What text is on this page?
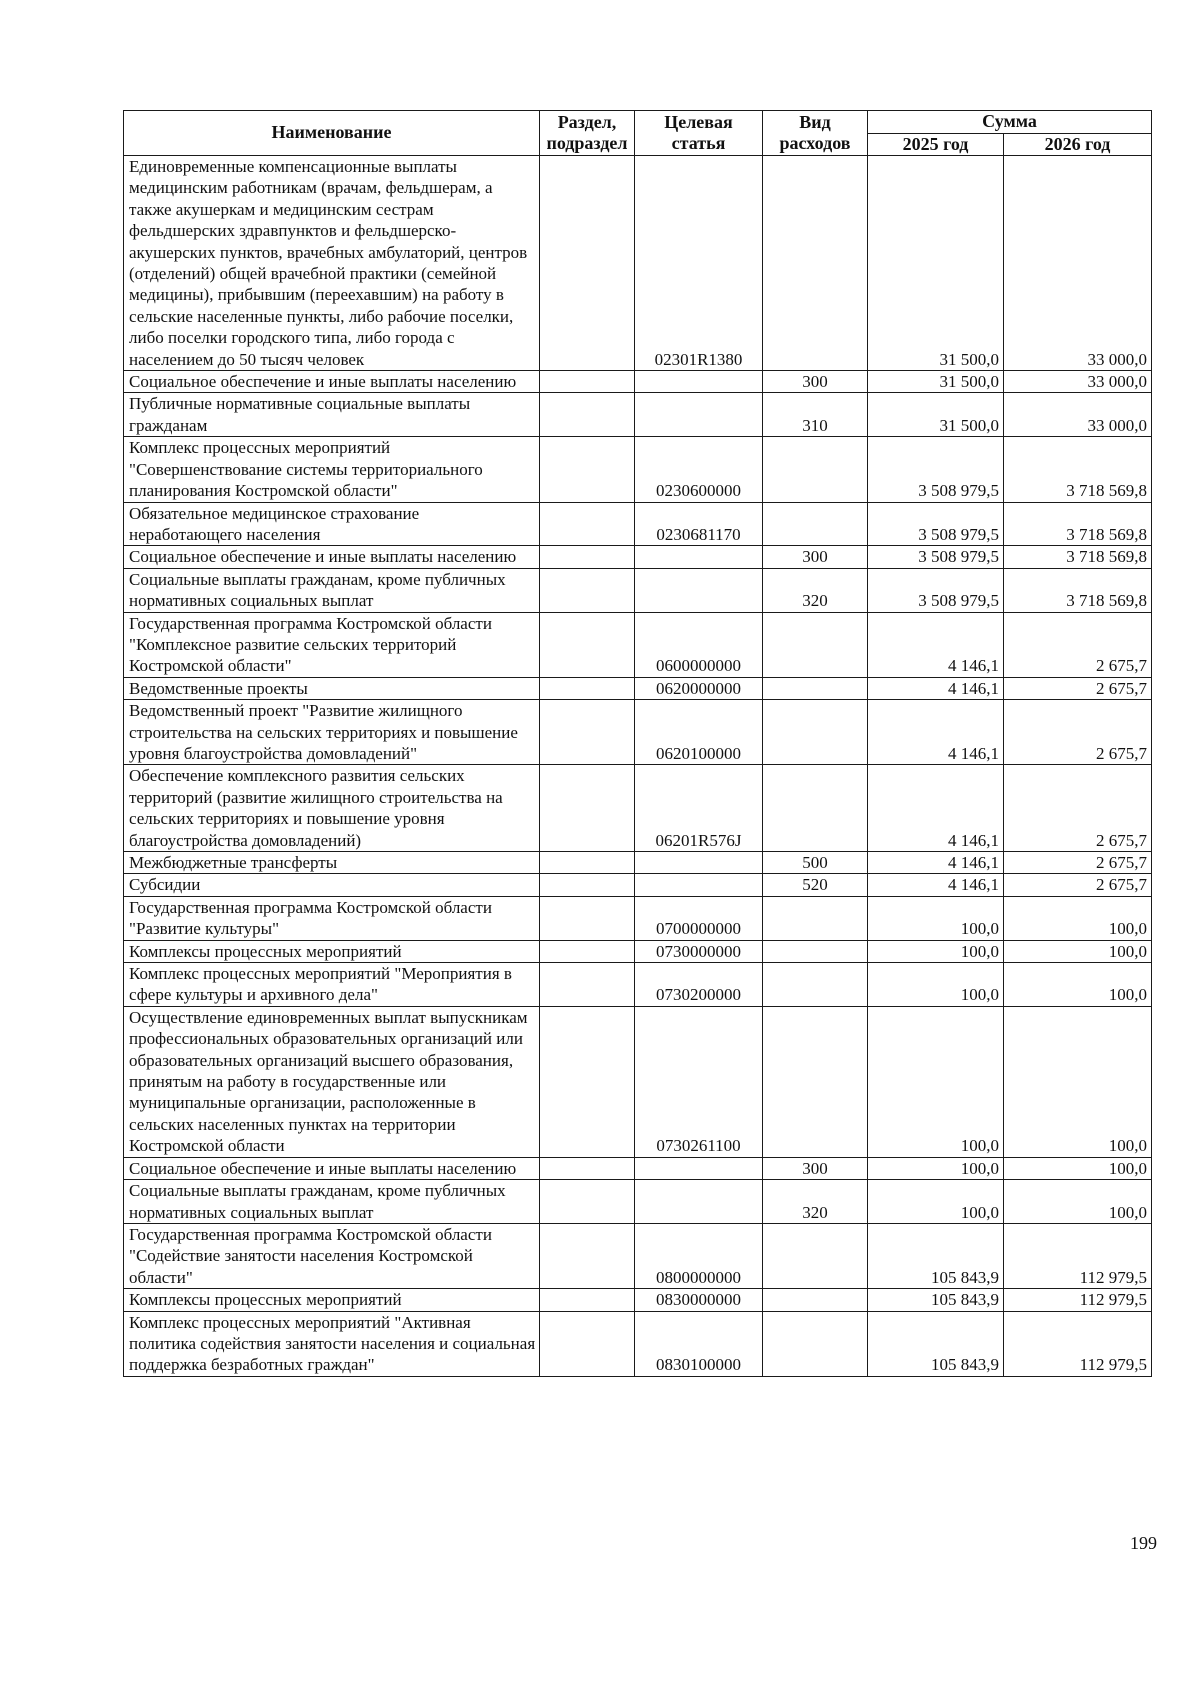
Наименование	Раздел, подраздел	Целевая статья	Вид расходов	Сумма	
				2025 год	2026 год
Единовременные компенсационные выплаты медицинским работникам (врачам, фельдшерам, а также акушеркам и медицинским сестрам фельдшерских здравпунктов и фельдшерско-акушерских пунктов, врачебных амбулаторий, центров (отделений) общей врачебной практики (семейной медицины), прибывшим (переехавшим) на работу в сельские населенные пункты, либо рабочие поселки, либо поселки городского типа, либо города с населением до 50 тысяч человек		02301R1380		31 500,0	33 000,0
Социальное обеспечение и иные выплаты населению			300	31 500,0	33 000,0
Публичные нормативные социальные выплаты гражданам			310	31 500,0	33 000,0
Комплекс процессных мероприятий "Совершенствование системы территориального планирования Костромской области"		0230600000		3 508 979,5	3 718 569,8
Обязательное медицинское страхование неработающего населения		0230681170		3 508 979,5	3 718 569,8
Социальное обеспечение и иные выплаты населению			300	3 508 979,5	3 718 569,8
Социальные выплаты гражданам, кроме публичных нормативных социальных выплат			320	3 508 979,5	3 718 569,8
Государственная программа Костромской области "Комплексное развитие сельских территорий Костромской области"		0600000000		4 146,1	2 675,7
Ведомственные проекты		0620000000		4 146,1	2 675,7
Ведомственный проект "Развитие жилищного строительства на сельских территориях и повышение уровня благоустройства домовладений"		0620100000		4 146,1	2 675,7
Обеспечение комплексного развития сельских территорий (развитие жилищного строительства на сельских территориях и повышение уровня благоустройства домовладений)		06201R576J		4 146,1	2 675,7
Межбюджетные трансферты			500	4 146,1	2 675,7
Субсидии			520	4 146,1	2 675,7
Государственная программа Костромской области "Развитие культуры"		0700000000		100,0	100,0
Комплексы процессных мероприятий		0730000000		100,0	100,0
Комплекс процессных мероприятий "Мероприятия в сфере культуры и архивного дела"		0730200000		100,0	100,0
Осуществление единовременных выплат выпускникам профессиональных образовательных организаций или образовательных организаций высшего образования, принятым на работу в государственные или муниципальные организации, расположенные в сельских населенных пунктах на территории Костромской области		0730261100		100,0	100,0
Социальное обеспечение и иные выплаты населению			300	100,0	100,0
Социальные выплаты гражданам, кроме публичных нормативных социальных выплат			320	100,0	100,0
Государственная программа Костромской области "Содействие занятости населения Костромской области"		0800000000		105 843,9	112 979,5
Комплексы процессных мероприятий		0830000000		105 843,9	112 979,5
Комплекс процессных мероприятий "Активная политика содействия занятости населения и социальная поддержка безработных граждан"		0830100000		105 843,9	112 979,5
199
